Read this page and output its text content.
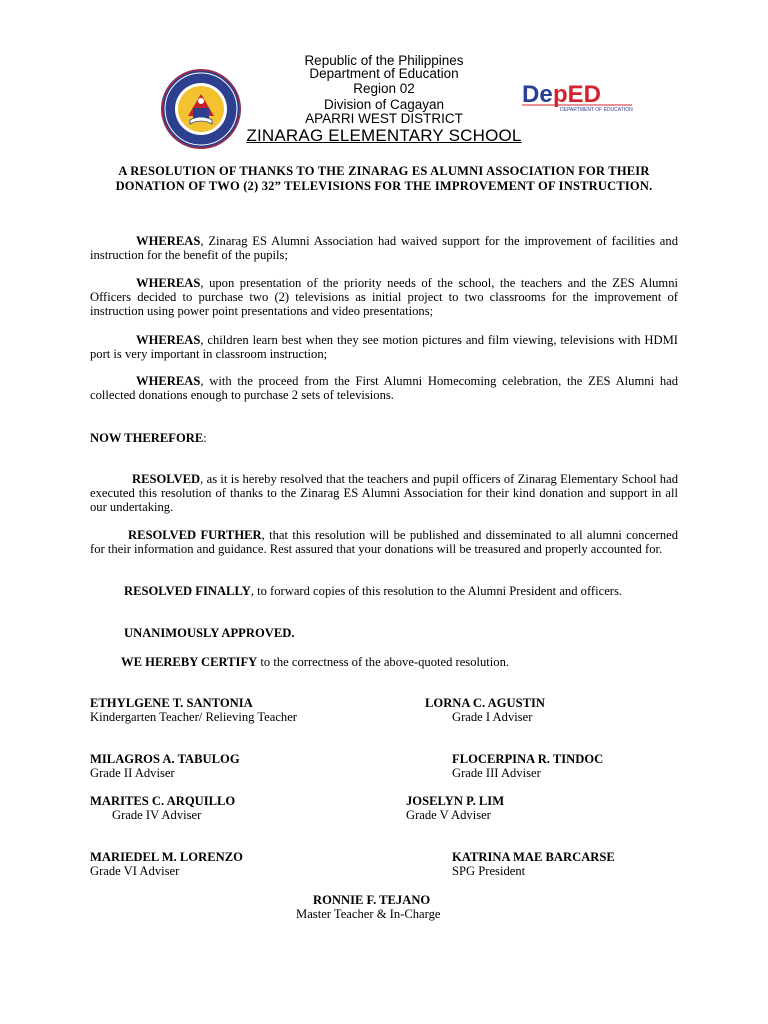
De pED
DEPARTMENT OF EDUCATION
Republic of the Philippines
Department of Education
Region 02
Division of Cagayan
APARRI WEST DISTRICT
ZINARAG ELEMENTARY SCHOOL
A RESOLUTION OF THANKS TO THE ZINARAG ES ALUMNI ASSOCIATION FOR THEIR DONATION OF TWO (2) 32” TELEVISIONS FOR THE IMPROVEMENT OF INSTRUCTION.
WHEREAS, Zinarag ES Alumni Association had waived support for the improvement of facilities and instruction for the benefit of the pupils;
WHEREAS, upon presentation of the priority needs of the school, the teachers and the ZES Alumni Officers decided to purchase two (2) televisions as initial project to two classrooms for the improvement of instruction using power point presentations and video presentations;
WHEREAS, children learn best when they see motion pictures and film viewing, televisions with HDMI port is very important in classroom instruction;
WHEREAS, with the proceed from the First Alumni Homecoming celebration, the ZES Alumni had collected donations enough to purchase 2 sets of televisions.
NOW THEREFORE:
RESOLVED, as it is hereby resolved that the teachers and pupil officers of Zinarag Elementary School had executed this resolution of thanks to the Zinarag ES Alumni Association for their kind donation and support in all our undertaking.
RESOLVED FURTHER, that this resolution will be published and disseminated to all alumni concerned for their information and guidance. Rest assured that your donations will be treasured and properly accounted for.
RESOLVED FINALLY, to forward copies of this resolution to the Alumni President and officers.
UNANIMOUSLY APPROVED.
WE HEREBY CERTIFY to the correctness of the above-quoted resolution.
ETHYLGENE T. SANTONIA
Kindergarten Teacher/ Relieving Teacher
LORNA C. AGUSTIN
Grade I Adviser
MILAGROS A. TABULOG
Grade II Adviser
FLOCERPINA R. TINDOC
Grade III Adviser
MARITES C. ARQUILLO
Grade IV Adviser
JOSELYN P. LIM
Grade V Adviser
MARIEDEL M. LORENZO
Grade VI Adviser
KATRINA MAE BARCARSE
SPG President
RONNIE F. TEJANO
Master Teacher & In-Charge
